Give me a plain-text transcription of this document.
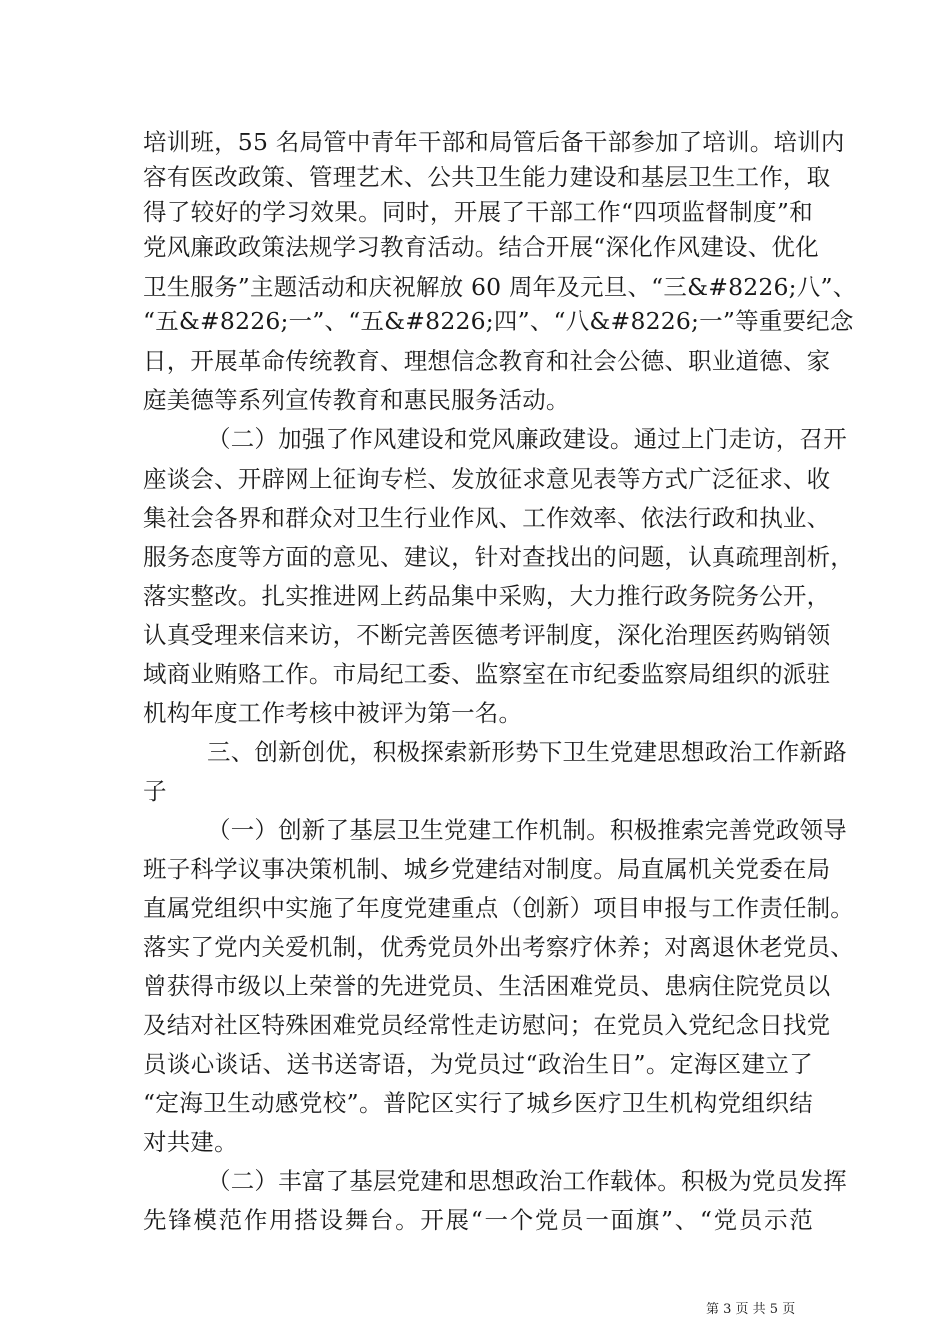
培训班，55 名局管中青年干部和局管后备干部参加了培训。培训内
容有医改政策、管理艺术、公共卫生能力建设和基层卫生工作，取
得了较好的学习效果。同时，开展了干部工作“四项监督制度”和
党风廉政政策法规学习教育活动。结合开展“深化作风建设、优化
卫生服务”主题活动和庆祝解放 60 周年及元旦、“三&#8226;八”、
“五&#8226;一”、“五&#8226;四”、“八&#8226;一”等重要纪念
日，开展革命传统教育、理想信念教育和社会公德、职业道德、家
庭美德等系列宣传教育和惠民服务活动。
（二）加强了作风建设和党风廉政建设。通过上门走访，召开
座谈会、开辟网上征询专栏、发放征求意见表等方式广泛征求、收
集社会各界和群众对卫生行业作风、工作效率、依法行政和执业、
服务态度等方面的意见、建议，针对查找出的问题，认真疏理剖析，
落实整改。扎实推进网上药品集中采购，大力推行政务院务公开，
认真受理来信来访，不断完善医德考评制度，深化治理医药购销领
域商业贿赂工作。市局纪工委、监察室在市纪委监察局组织的派驻
机构年度工作考核中被评为第一名。
三、创新创优，积极探索新形势下卫生党建思想政治工作新路
子
（一）创新了基层卫生党建工作机制。积极推索完善党政领导
班子科学议事决策机制、城乡党建结对制度。局直属机关党委在局
直属党组织中实施了年度党建重点（创新）项目申报与工作责任制。
落实了党内关爱机制，优秀党员外出考察疗休养；对离退休老党员、
曾获得市级以上荣誉的先进党员、生活困难党员、患病住院党员以
及结对社区特殊困难党员经常性走访慰问；在党员入党纪念日找党
员谈心谈话、送书送寄语，为党员过“政治生日”。定海区建立了
“定海卫生动感党校”。普陀区实行了城乡医疗卫生机构党组织结
对共建。
（二）丰富了基层党建和思想政治工作载体。积极为党员发挥
先锋模范作用搭设舞台。开展“一个党员一面旗”、“党员示范
第 3 页 共 5 页
